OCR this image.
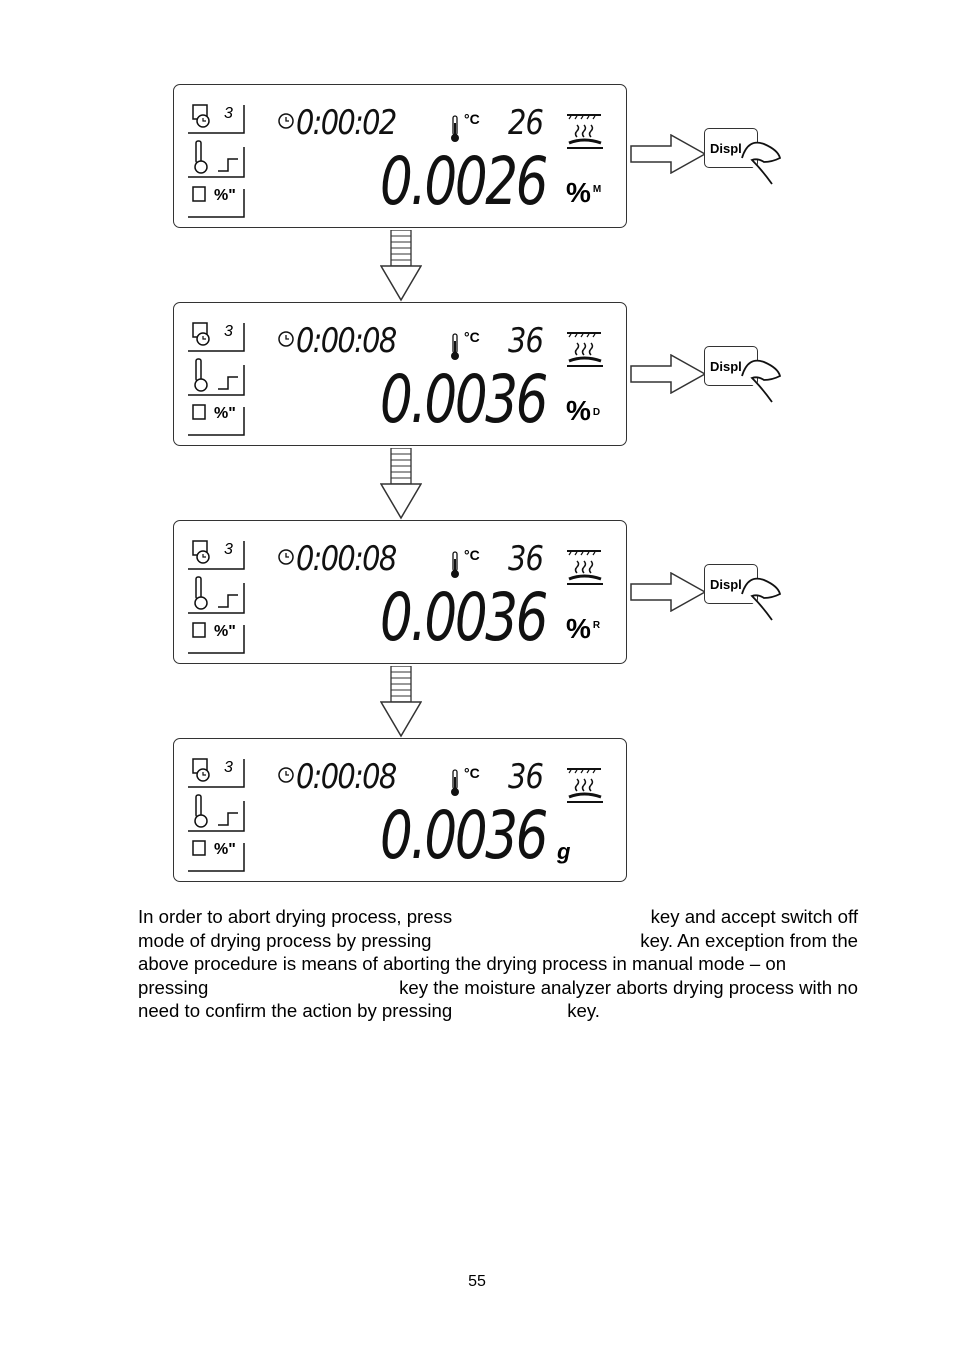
3
%"
0:00:02	°C 26
0.0026 % $^M$
3
%"
0:00:08	°C 36
0.0036 % D
3
%"
0:00:08	°C 36
0.0036 % $^R$
3
%"
0:00:08	°C 36
0.0036 g
Displ
Displ
Displ
In order to abort drying process, press	key and accept switch off
mode of drying process by pressing	key. An exception from the
above procedure is means of aborting the drying process in manual mode – on
pressing	key the moisture analyzer aborts drying process with no
need to confirm the action by pressing	key.
55
